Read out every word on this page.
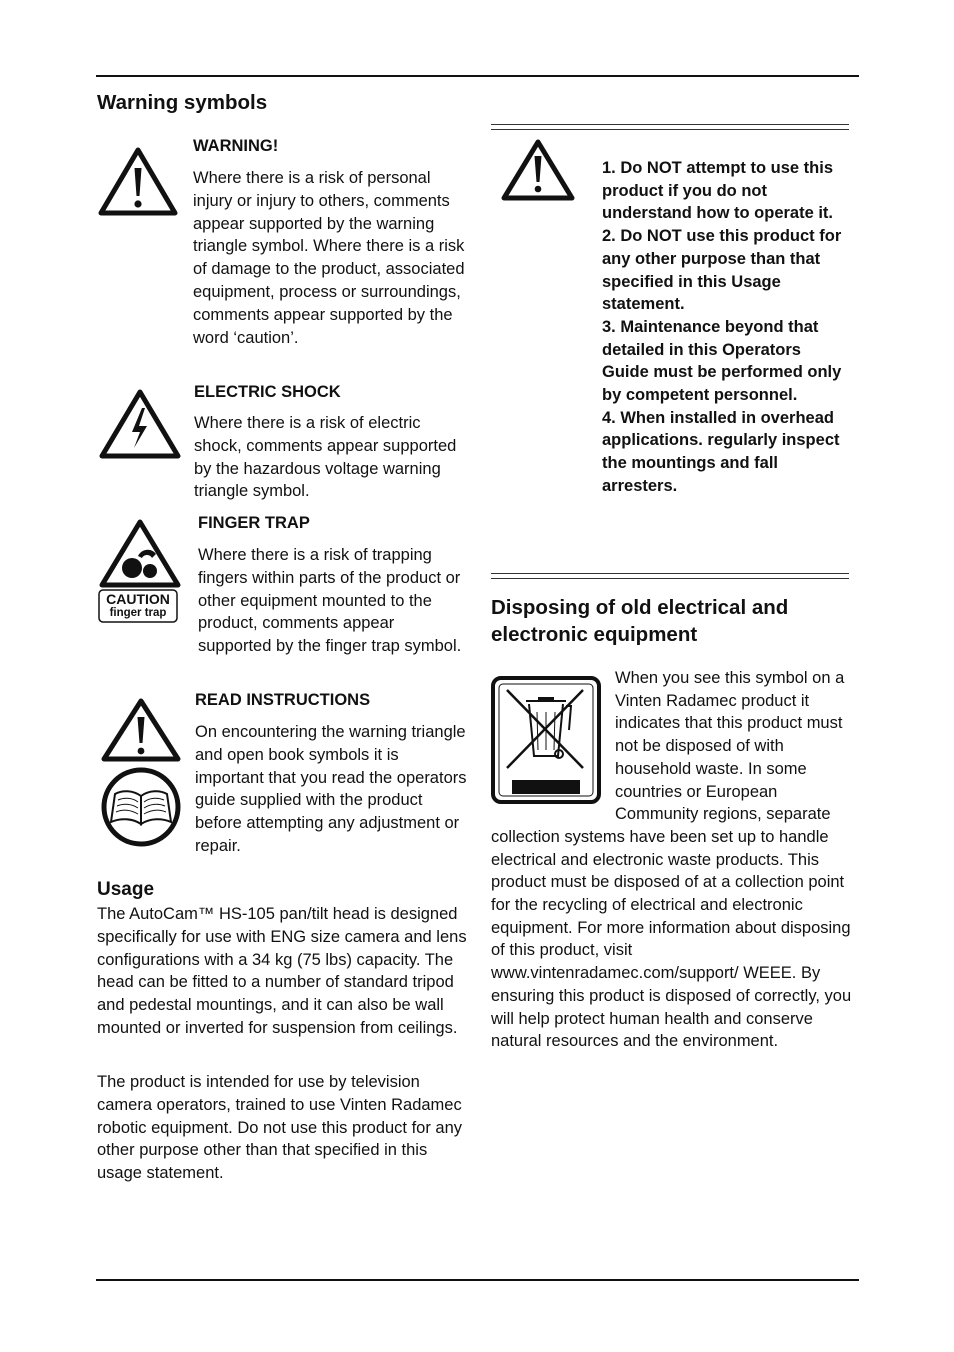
Warning symbols
WARNING!
Where there is a risk of personal injury or injury to others, comments appear supported by the warning triangle symbol. Where there is a risk of damage to the product, associated equipment, process or surroundings, comments appear supported by the word ‘caution’.
ELECTRIC SHOCK
Where there is a risk of electric shock, comments appear supported by the hazardous voltage warning triangle symbol.
CAUTION
finger trap
FINGER TRAP
Where there is a risk of trapping fingers within parts of the product or other equipment mounted to the product, comments appear supported by the finger trap symbol.
READ INSTRUCTIONS
On encountering the warning triangle and open book symbols it is important that you read the operators guide supplied with the product before attempting any adjustment or repair.
Usage
The AutoCam™ HS-105 pan/tilt head is designed specifically for use with ENG size camera and lens configurations with a 34 kg (75 lbs) capacity. The head can be fitted to a number of standard tripod and pedestal mountings, and it can also be wall mounted or inverted for suspension from ceilings.
The product is intended for use by television camera operators, trained to use Vinten Radamec robotic equipment. Do not use this product for any other purpose other than that specified in this usage statement.
1. Do NOT attempt to use this product if you do not understand how to operate it.
2. Do NOT use this product for any other purpose than that specified in this Usage statement.
3. Maintenance beyond that detailed in this Operators Guide must be performed only by competent personnel.
4. When installed in overhead applications. regularly inspect the mountings and fall arresters.
Disposing of old electrical and electronic equipment
When you see this symbol on a Vinten Radamec product it indicates that this product must not be disposed of with household waste. In some countries or European Community regions, separate collection systems have been set up to handle electrical and electronic waste products. This product must be disposed of at a collection point for the recycling of electrical and electronic equipment. For more information about disposing of this product, visit www.vintenradamec.com/support/ WEEE. By ensuring this product is disposed of correctly, you will help protect human health and conserve natural resources and the environment.
